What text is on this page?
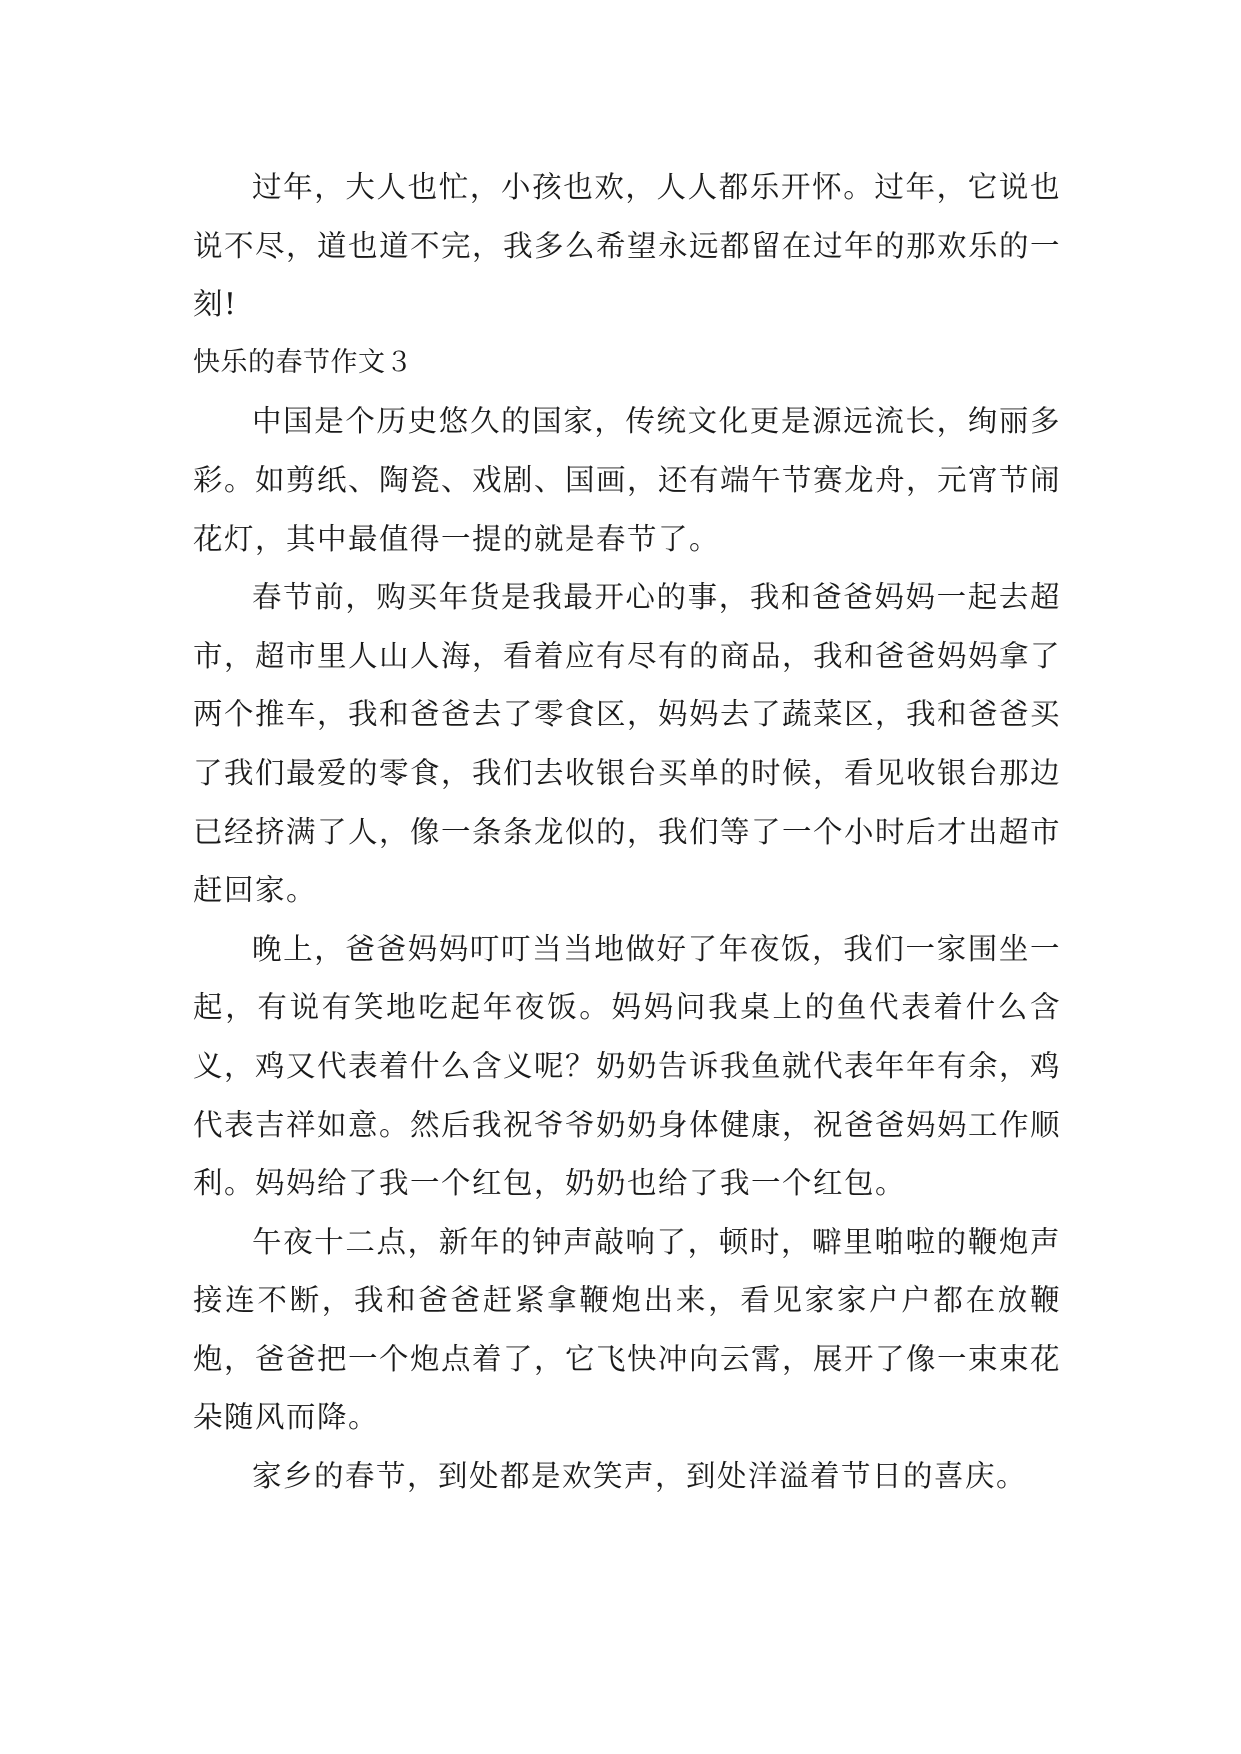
过年，大人也忙，小孩也欢，人人都乐开怀。过年，它说也说不尽，道也道不完，我多么希望永远都留在过年的那欢乐的一刻!

快乐的春节作文３

中国是个历史悠久的国家，传统文化更是源远流长，绚丽多彩。如剪纸、陶瓷、戏剧、国画，还有端午节赛龙舟，元宵节闹花灯，其中最值得一提的就是春节了。

春节前，购买年货是我最开心的事，我和爸爸妈妈一起去超市，超市里人山人海，看着应有尽有的商品，我和爸爸妈妈拿了两个推车，我和爸爸去了零食区，妈妈去了蔬菜区，我和爸爸买了我们最爱的零食，我们去收银台买单的时候，看见收银台那边已经挤满了人，像一条条龙似的，我们等了一个小时后才出超市赶回家。

晚上，爸爸妈妈叮叮当当地做好了年夜饭，我们一家围坐一起，有说有笑地吃起年夜饭。妈妈问我桌上的鱼代表着什么含义，鸡又代表着什么含义呢？奶奶告诉我鱼就代表年年有余，鸡代表吉祥如意。然后我祝爷爷奶奶身体健康，祝爸爸妈妈工作顺利。妈妈给了我一个红包，奶奶也给了我一个红包。

午夜十二点，新年的钟声敲响了，顿时，噼里啪啦的鞭炮声接连不断，我和爸爸赶紧拿鞭炮出来，看见家家户户都在放鞭炮，爸爸把一个炮点着了，它飞快冲向云霄，展开了像一束束花朵随风而降。

家乡的春节，到处都是欢笑声，到处洋溢着节日的喜庆。
